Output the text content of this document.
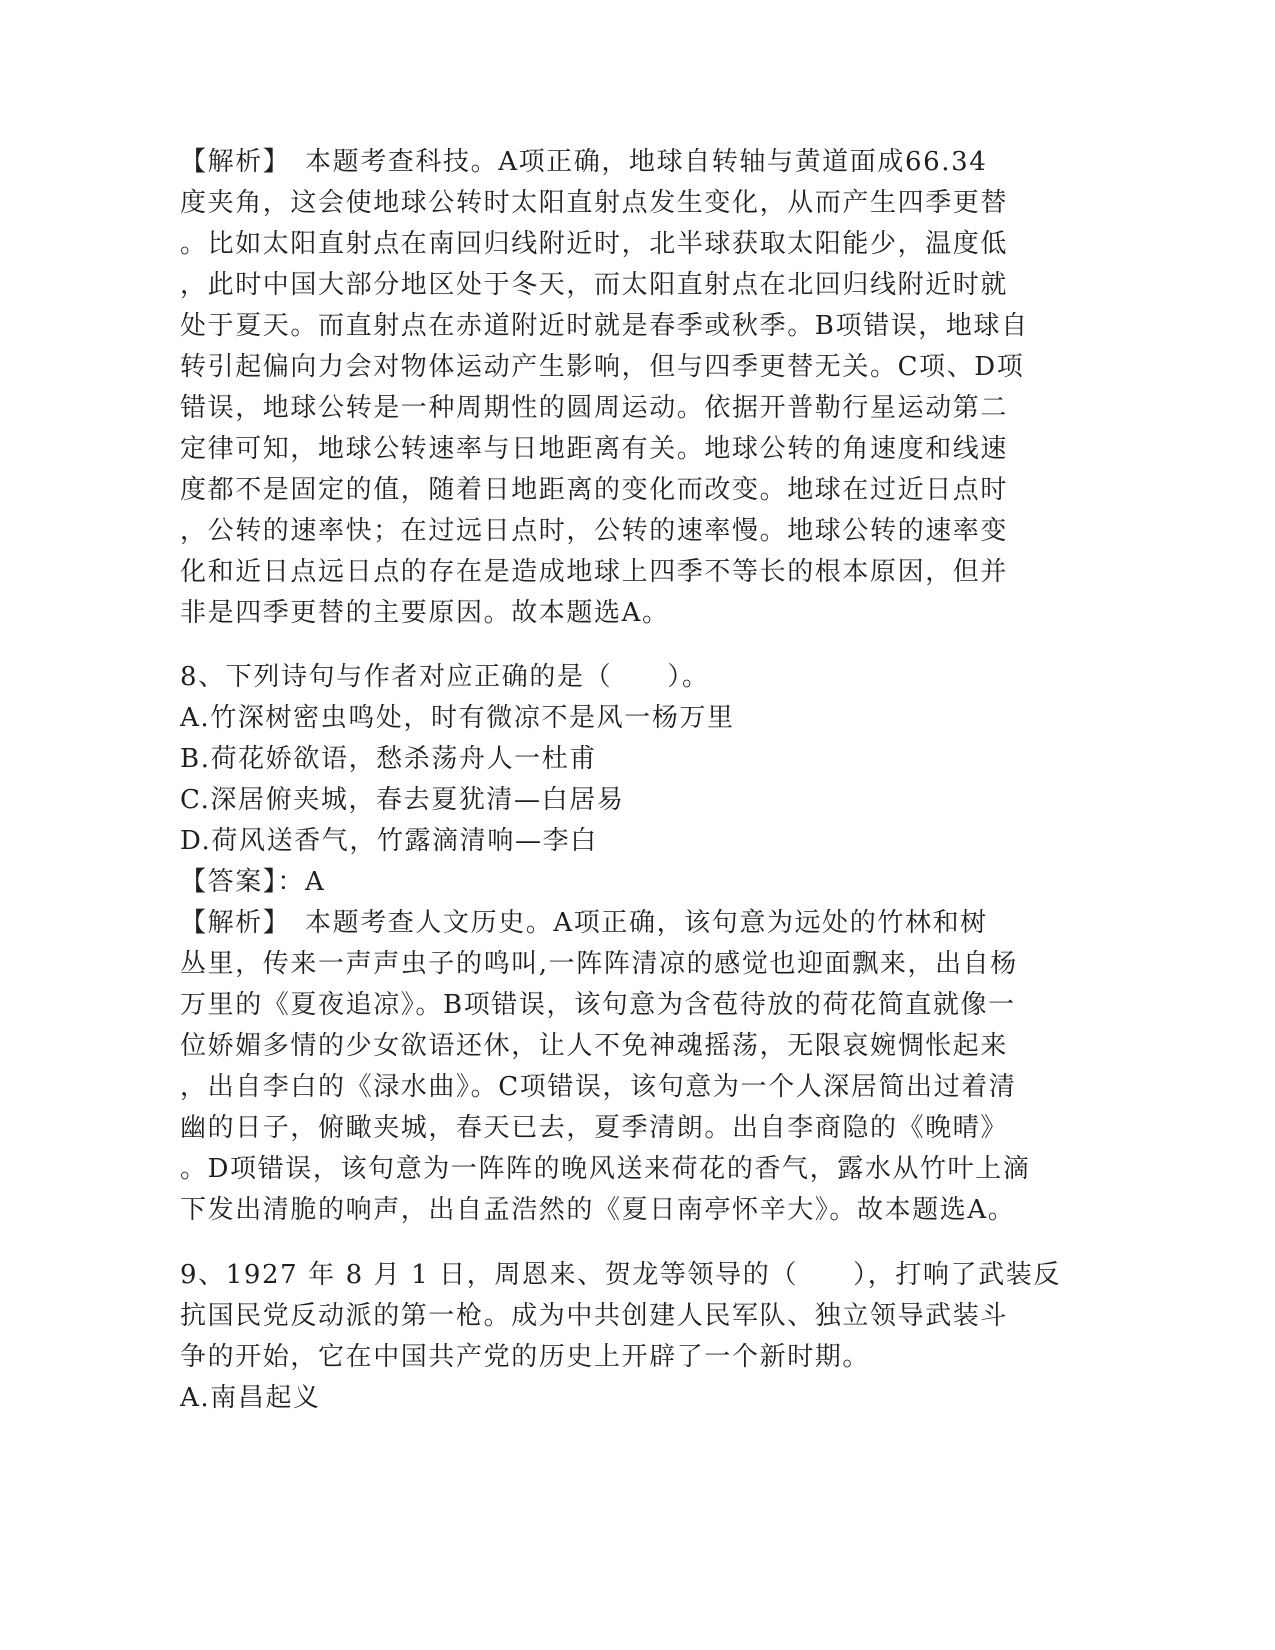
【解析】　本题考查科技。A项正确，地球自转轴与黄道面成66.34
度夹角，这会使地球公转时太阳直射点发生变化，从而产生四季更替
。比如太阳直射点在南回归线附近时，北半球获取太阳能少，温度低
，此时中国大部分地区处于冬天，而太阳直射点在北回归线附近时就
处于夏天。而直射点在赤道附近时就是春季或秋季。B项错误，地球自
转引起偏向力会对物体运动产生影响，但与四季更替无关。C项、D项
错误，地球公转是一种周期性的圆周运动。依据开普勒行星运动第二
定律可知，地球公转速率与日地距离有关。地球公转的角速度和线速
度都不是固定的值，随着日地距离的变化而改变。地球在过近日点时
，公转的速率快；在过远日点时，公转的速率慢。地球公转的速率变
化和近日点远日点的存在是造成地球上四季不等长的根本原因，但并
非是四季更替的主要原因。故本题选A。
8、下列诗句与作者对应正确的是（　　）。
A.竹深树密虫鸣处，时有微凉不是风一杨万里
B.荷花娇欲语，愁杀荡舟人一杜甫
C.深居俯夹城，春去夏犹清—白居易
D.荷风送香气，竹露滴清响—李白
【答案】：A
【解析】　本题考查人文历史。A项正确，该句意为远处的竹林和树
丛里，传来一声声虫子的鸣叫,一阵阵清凉的感觉也迎面飘来，出自杨
万里的《夏夜追凉》。B项错误，该句意为含苞待放的荷花简直就像一
位娇媚多情的少女欲语还休，让人不免神魂摇荡，无限哀婉惆怅起来
，出自李白的《渌水曲》。C项错误，该句意为一个人深居简出过着清
幽的日子，俯瞰夹城，春天已去，夏季清朗。出自李商隐的《晚晴》
。D项错误，该句意为一阵阵的晚风送来荷花的香气，露水从竹叶上滴
下发出清脆的响声，出自孟浩然的《夏日南亭怀辛大》。故本题选A。
9、1927 年 8 月 1 日，周恩来、贺龙等领导的（　　），打响了武装反
抗国民党反动派的第一枪。成为中共创建人民军队、独立领导武装斗
争的开始，它在中国共产党的历史上开辟了一个新时期。
A.南昌起义
